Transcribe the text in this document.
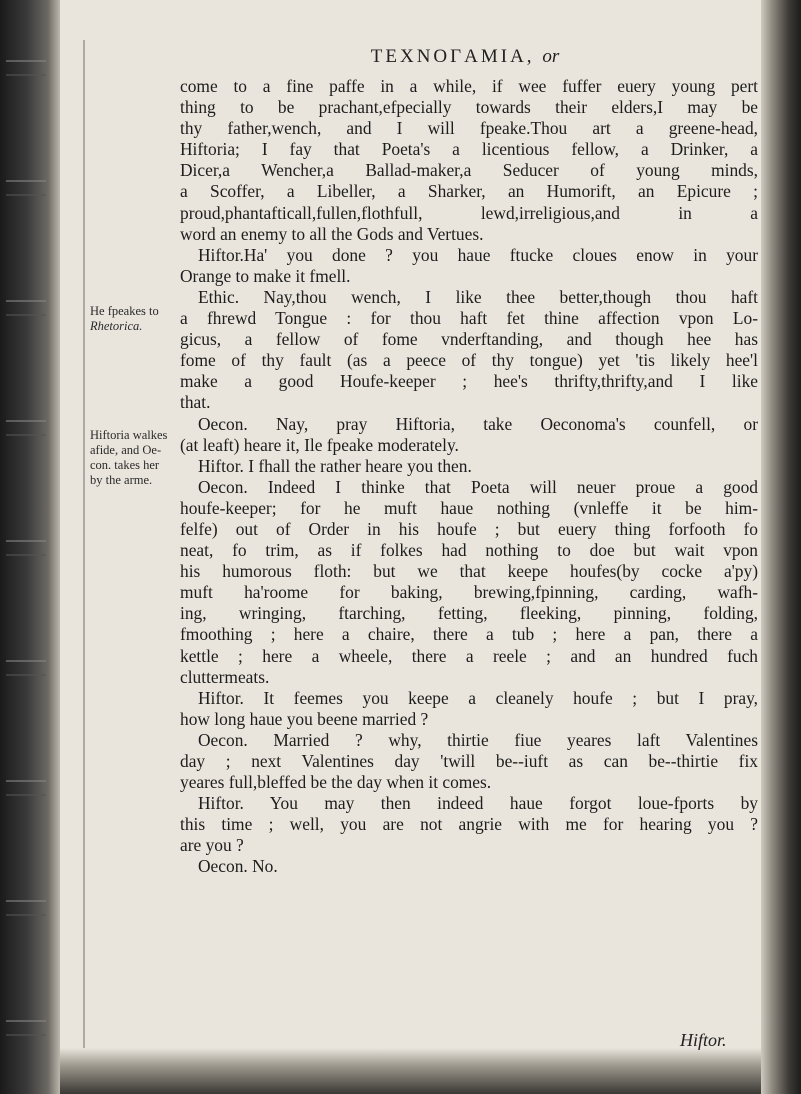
TEXNOΓAMIA, or
He fpeakes to
Rhetorica.
Hiftoria walkes
afide, and Oe-
con. takes her
by the arme.
come to a fine paffe in a while, if wee fuffer euery young pert
thing to be prachant,efpecially towards their elders,I may be
thy father,wench, and I will fpeake.Thou art a greene-head,
Hiftoria; I fay that Poeta's a licentious fellow, a Drinker, a
Dicer,a Wencher,a Ballad-maker,a Seducer of young minds,
a Scoffer, a Libeller, a Sharker, an Humorift, an Epicure ;
proud,phantafticall,fullen,flothfull, lewd,irreligious,and in a
word an enemy to all the Gods and Vertues.
Hiftor.Ha' you done ? you haue ftucke cloues enow in your
Orange to make it fmell.
Ethic. Nay,thou wench, I like thee better,though thou haft
a fhrewd Tongue : for thou haft fet thine affection vpon Lo-
gicus, a fellow of fome vnderftanding, and though hee has
fome of thy fault (as a peece of thy tongue) yet 'tis likely hee'l
make a good Houfe-keeper ; hee's thrifty,thrifty,and I like
that.
Oecon. Nay, pray Hiftoria, take Oeconoma's counfell, or
(at leaft) heare it, Ile fpeake moderately.
Hiftor. I fhall the rather heare you then.
Oecon. Indeed I thinke that Poeta will neuer proue a good
houfe-keeper; for he muft haue nothing (vnleffe it be him-
felfe) out of Order in his houfe ; but euery thing forfooth fo
neat, fo trim, as if folkes had nothing to doe but wait vpon
his humorous floth: but we that keepe houfes(by cocke a'py)
muft ha'roome for baking, brewing,fpinning, carding, wafh-
ing, wringing, ftarching, fetting, fleeking, pinning, folding,
fmoothing ; here a chaire, there a tub ; here a pan, there a
kettle ; here a wheele, there a reele ; and an hundred fuch
cluttermeats.
Hiftor. It feemes you keepe a cleanely houfe ; but I pray,
how long haue you beene married ?
Oecon. Married ? why, thirtie fiue yeares laft Valentines
day ; next Valentines day 'twill be--iuft as can be--thirtie fix
yeares full,bleffed be the day when it comes.
Hiftor. You may then indeed haue forgot loue-fports by
this time ; well, you are not angrie with me for hearing you ?
are you ?
Oecon. No.
Hiftor.
